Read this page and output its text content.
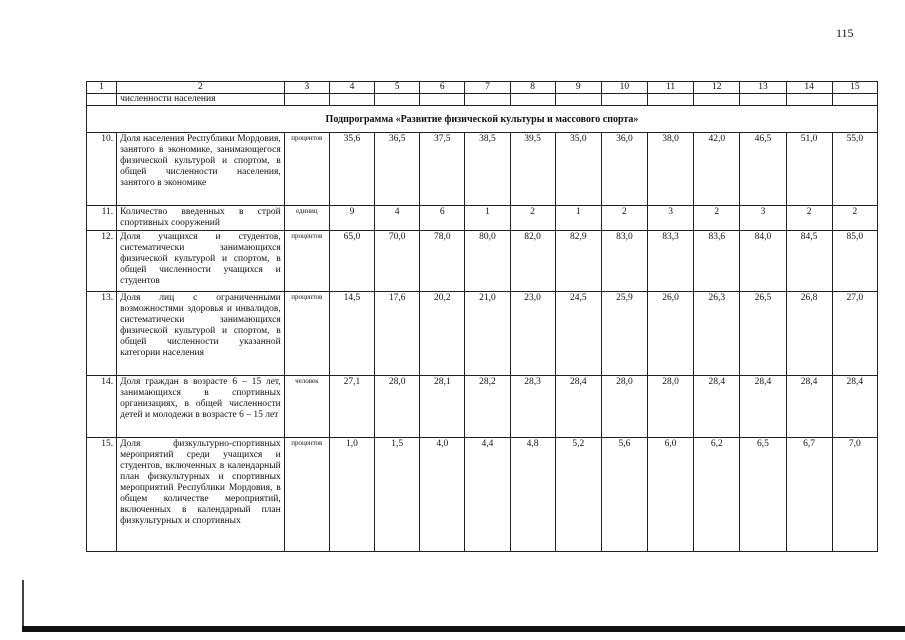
115
1	2	3	4	5	6	7	8	9	10	11	12	13	14	15
	численности населения													
Подпрограмма «Развитие физической культуры и массового спорта»														
10.	Доля населения Республики Мордовия, занятого в экономике, занимающегося физической культурой и спортом, в общей численности населения, занятого в экономике	процентов	35,6	36,5	37,5	38,5	39,5	35,0	36,0	38,0	42,0	46,5	51,0	55,0
11.	Количество введенных в строй спортивных сооружений	единиц	9	4	6	1	2	1	2	3	2	3	2	2
12.	Доля учащихся и студентов, систематически занимающихся физической культурой и спортом, в общей численности учащихся и студентов	процентов	65,0	70,0	78,0	80,0	82,0	82,9	83,0	83,3	83,6	84,0	84,5	85,0
13.	Доля лиц с ограниченными возможностями здоровья и инвалидов, систематически занимающихся физической культурой и спортом, в общей численности указанной категории населения	процентов	14,5	17,6	20,2	21,0	23,0	24,5	25,9	26,0	26,3	26,5	26,8	27,0
14.	Доля граждан в возрасте 6 – 15 лет, занимающихся в спортивных организациях, в общей численности детей и молодежи в возрасте 6 – 15 лет	человек	27,1	28,0	28,1	28,2	28,3	28,4	28,0	28,0	28,4	28,4	28,4	28,4
15.	Доля физкультурно-спортивных мероприятий среди учащихся и студентов, включенных в календарный план физкультурных и спортивных мероприятий Республики Мордовия, в общем количестве мероприятий, включенных в календарный план физкультурных и спортивных	процентов	1,0	1,5	4,0	4,4	4,8	5,2	5,6	6,0	6,2	6,5	6,7	7,0
